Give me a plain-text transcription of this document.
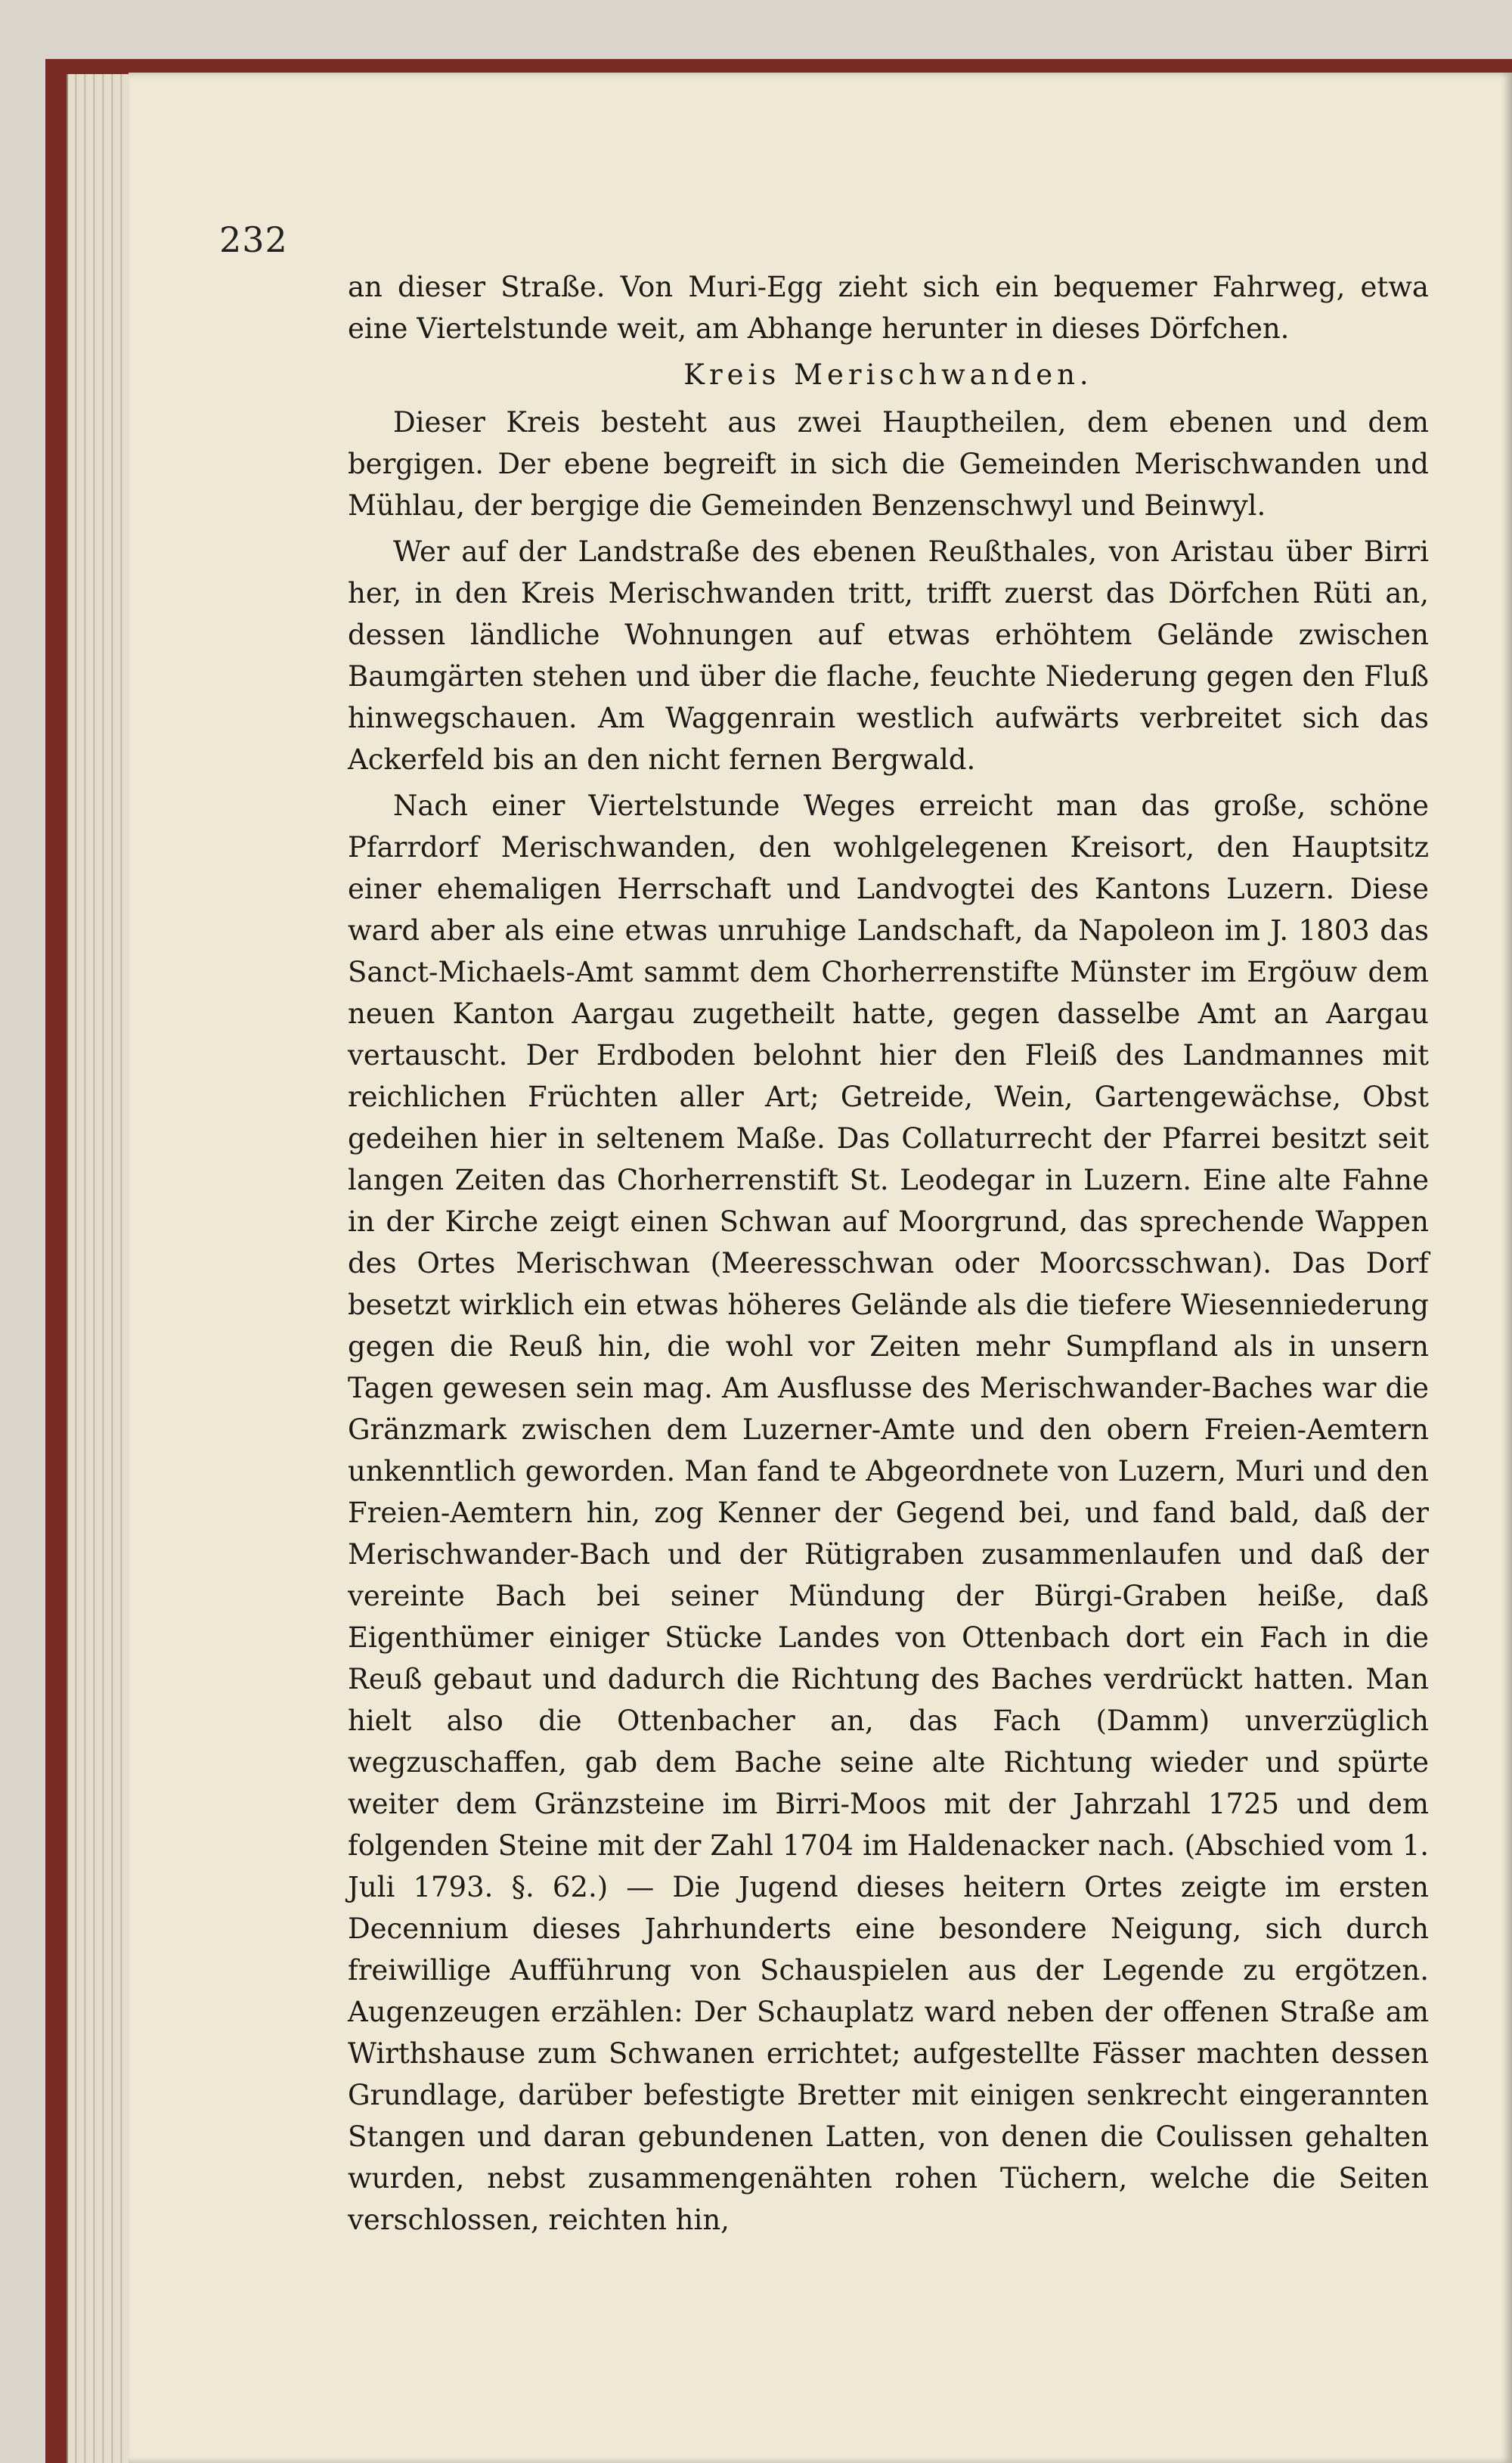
232

an dieser Straße. Von Muri-Egg zieht sich ein bequemer Fahrweg, etwa eine Viertelstunde weit, am Abhange herunter in dieses Dörfchen.

Kreis Merischwanden.

Dieser Kreis besteht aus zwei Hauptheilen, dem ebenen und dem bergigen. Der ebene begreift in sich die Gemeinden Merischwanden und Mühlau, der bergige die Gemeinden Benzenschwyl und Beinwyl.

Wer auf der Landstraße des ebenen Reußthales, von Aristau über Birri her, in den Kreis Merischwanden tritt, trifft zuerst das Dörfchen Rüti an, dessen ländliche Wohnungen auf etwas erhöhtem Gelände zwischen Baumgärten stehen und über die flache, feuchte Niederung gegen den Fluß hinwegschauen. Am Waggenrain westlich aufwärts verbreitet sich das Ackerfeld bis an den nicht fernen Bergwald.

Nach einer Viertelstunde Weges erreicht man das große, schöne Pfarrdorf Merischwanden, den wohlgelegenen Kreisort, den Hauptsitz einer ehemaligen Herrschaft und Landvogtei des Kantons Luzern. Diese ward aber als eine etwas unruhige Landschaft, da Napoleon im J. 1803 das Sanct-Michaels-Amt sammt dem Chorherrenstifte Münster im Ergöuw dem neuen Kanton Aargau zugetheilt hatte, gegen dasselbe Amt an Aargau vertauscht. Der Erdboden belohnt hier den Fleiß des Landmannes mit reichlichen Früchten aller Art; Getreide, Wein, Gartengewächse, Obst gedeihen hier in seltenem Maße. Das Collaturrecht der Pfarrei besitzt seit langen Zeiten das Chorherrenstift St. Leodegar in Luzern. Eine alte Fahne in der Kirche zeigt einen Schwan auf Moorgrund, das sprechende Wappen des Ortes Merischwan (Meeresschwan oder Moorcsschwan). Das Dorf besetzt wirklich ein etwas höheres Gelände als die tiefere Wiesenniederung gegen die Reuß hin, die wohl vor Zeiten mehr Sumpfland als in unsern Tagen gewesen sein mag. Am Ausflusse des Merischwander-Baches war die Gränzmark zwischen dem Luzerner-Amte und den obern Freien-Aemtern unkenntlich geworden. Man fand te Abgeordnete von Luzern, Muri und den Freien-Aemtern hin, zog Kenner der Gegend bei, und fand bald, daß der Merischwander-Bach und der Rütigraben zusammenlaufen und daß der vereinte Bach bei seiner Mündung der Bürgi-Graben heiße, daß Eigenthümer einiger Stücke Landes von Ottenbach dort ein Fach in die Reuß gebaut und dadurch die Richtung des Baches verdrückt hatten. Man hielt also die Ottenbacher an, das Fach (Damm) unverzüglich wegzuschaffen, gab dem Bache seine alte Richtung wieder und spürte weiter dem Gränzsteine im Birri-Moos mit der Jahrzahl 1725 und dem folgenden Steine mit der Zahl 1704 im Haldenacker nach. (Abschied vom 1. Juli 1793. §. 62.) — Die Jugend dieses heitern Ortes zeigte im ersten Decennium dieses Jahrhunderts eine besondere Neigung, sich durch freiwillige Aufführung von Schauspielen aus der Legende zu ergötzen. Augenzeugen erzählen: Der Schauplatz ward neben der offenen Straße am Wirthshause zum Schwanen errichtet; aufgestellte Fässer machten dessen Grundlage, darüber befestigte Bretter mit einigen senkrecht eingerannten Stangen und daran gebundenen Latten, von denen die Coulissen gehalten wurden, nebst zusammengenähten rohen Tüchern, welche die Seiten verschlossen, reichten hin,
